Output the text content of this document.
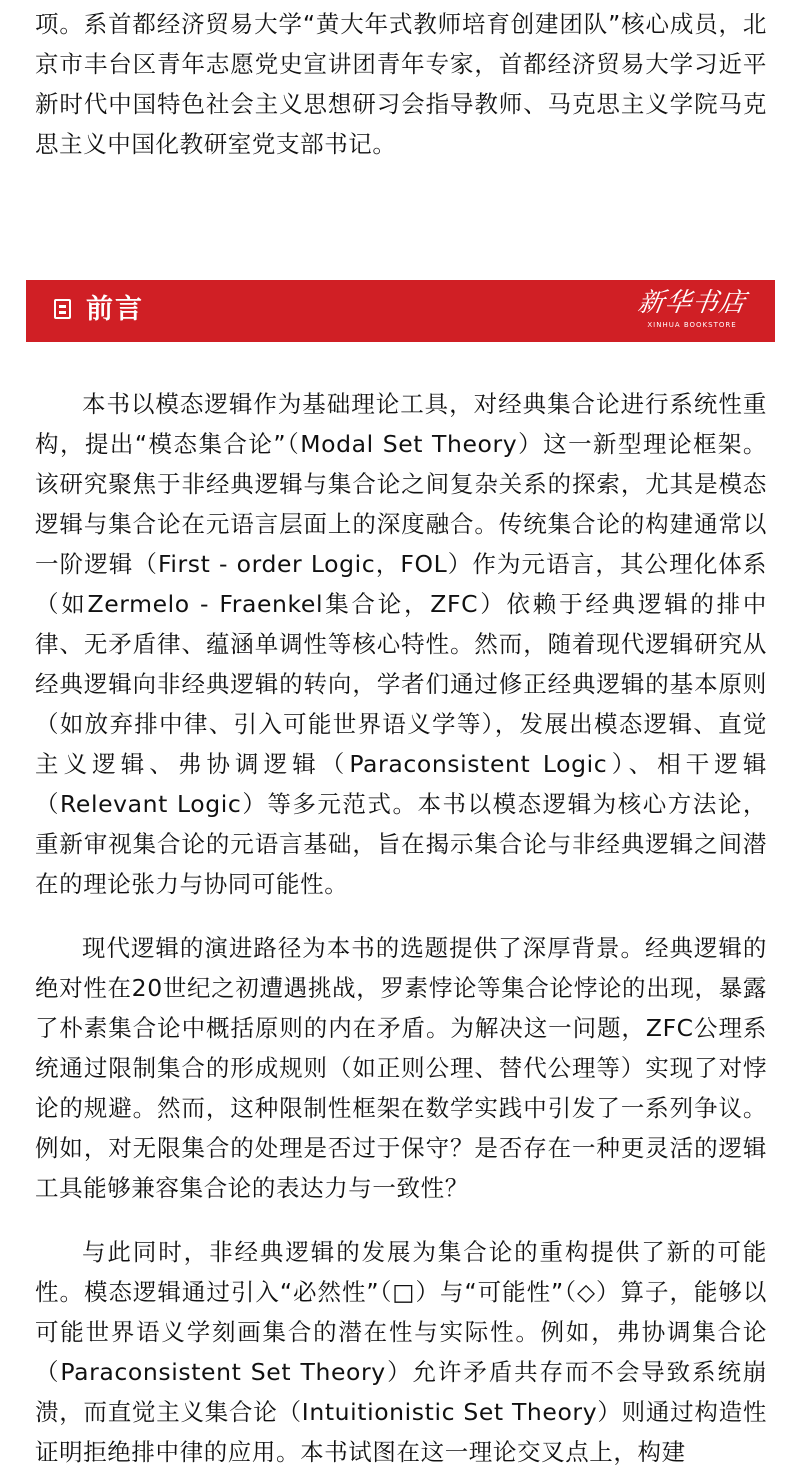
项。系首都经济贸易大学“黄大年式教师培育创建团队”核心成员，北京市丰台区青年志愿党史宣讲团青年专家，首都经济贸易大学习近平新时代中国特色社会主义思想研习会指导教师、马克思主义学院马克思主义中国化教研室党支部书记。

前言	新华书店
XINHUA BOOKSTORE

本书以模态逻辑作为基础理论工具，对经典集合论进行系统性重构，提出“模态集合论”（Modal Set Theory）这一新型理论框架。该研究聚焦于非经典逻辑与集合论之间复杂关系的探索，尤其是模态逻辑与集合论在元语言层面上的深度融合。传统集合论的构建通常以一阶逻辑（First - order Logic，FOL）作为元语言，其公理化体系（如Zermelo - Fraenkel集合论，ZFC）依赖于经典逻辑的排中律、无矛盾律、蕴涵单调性等核心特性。然而，随着现代逻辑研究从经典逻辑向非经典逻辑的转向，学者们通过修正经典逻辑的基本原则（如放弃排中律、引入可能世界语义学等），发展出模态逻辑、直觉主义逻辑、弗协调逻辑（Paraconsistent Logic）、相干逻辑（Relevant Logic）等多元范式。本书以模态逻辑为核心方法论，重新审视集合论的元语言基础，旨在揭示集合论与非经典逻辑之间潜在的理论张力与协同可能性。

现代逻辑的演进路径为本书的选题提供了深厚背景。经典逻辑的绝对性在20世纪之初遭遇挑战，罗素悖论等集合论悖论的出现，暴露了朴素集合论中概括原则的内在矛盾。为解决这一问题，ZFC公理系统通过限制集合的形成规则（如正则公理、替代公理等）实现了对悖论的规避。然而，这种限制性框架在数学实践中引发了一系列争议。例如，对无限集合的处理是否过于保守？是否存在一种更灵活的逻辑工具能够兼容集合论的表达力与一致性？

与此同时，非经典逻辑的发展为集合论的重构提供了新的可能性。模态逻辑通过引入“必然性”（□）与“可能性”（◇）算子，能够以可能世界语义学刻画集合的潜在性与实际性。例如，弗协调集合论（Paraconsistent Set Theory）允许矛盾共存而不会导致系统崩溃，而直觉主义集合论（Intuitionistic Set Theory）则通过构造性证明拒绝排中律的应用。本书试图在这一理论交叉点上，构建
